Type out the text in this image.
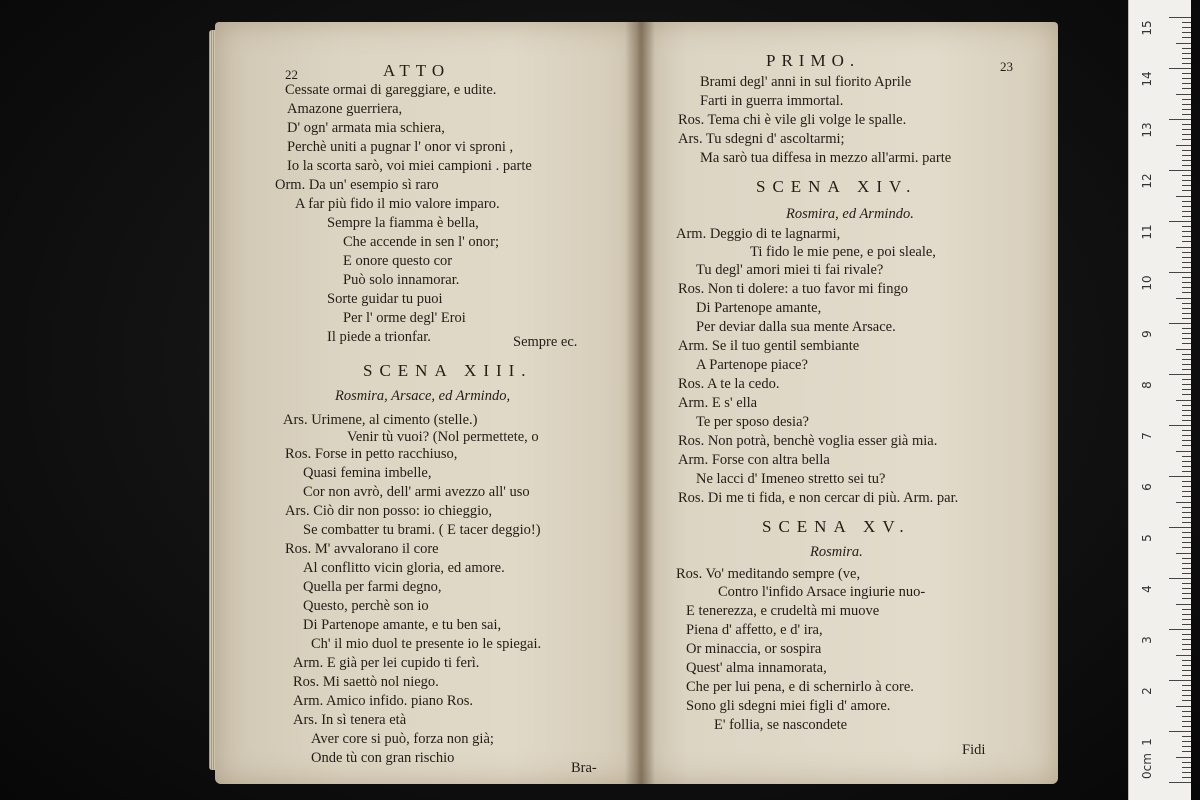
22	ATTO
Cessate ormai di gareggiare, e udite.
Amazone guerriera,
D' ogn' armata mia schiera,
Perchè uniti a pugnar l' onor vi sproni ,
Io la scorta sarò, voi miei campioni . parte
Orm. Da un' esempio sì raro
A far più fido il mio valore imparo.
Sempre la fiamma è bella,
Che accende in sen l' onor;
E onore questo cor
Può solo innamorar.
Sorte guidar tu puoi
Per l' orme degl' Eroi
Il piede a trionfar.	Sempre ec.
SCENA XIII.
Rosmira, Arsace, ed Armindo,
Ars. Urimene, al cimento (stelle.)
Venir tù vuoi? (Nol permettete, o
Ros. Forse in petto racchiuso,
Quasi femina imbelle,
Cor non avrò, dell' armi avezzo all' uso
Ars. Ciò dir non posso: io chieggio,
Se combatter tu brami. ( E tacer deggio!)
Ros. M' avvalorano il core
Al conflitto vicin gloria, ed amore.
Quella per farmi degno,
Questo, perchè son io
Di Partenope amante, e tu ben sai,
Ch' il mio duol te presente io le spiegai.
Arm. E già per lei cupido ti ferì.
Ros. Mi saettò nol niego.
Arm. Amico infido. piano Ros.
Ars. In sì tenera età
Aver core si può, forza non già;
Onde tù con gran rischio
Bra-
PRIMO.	23
Brami degl' anni in sul fiorito Aprile
Farti in guerra immortal.
Ros. Tema chi è vile gli volge le spalle.
Ars. Tu sdegni d' ascoltarmi;
Ma sarò tua diffesa in mezzo all'armi. parte
SCENA XIV.
Rosmira, ed Armindo.
Arm. Deggio di te lagnarmi,
Ti fido le mie pene, e poi sleale,
Tu degl' amori miei ti fai rivale?
Ros. Non ti dolere: a tuo favor mi fingo
Di Partenope amante,
Per deviar dalla sua mente Arsace.
Arm. Se il tuo gentil sembiante
A Partenope piace?
Ros. A te la cedo.
Arm. E s' ella
Te per sposo desia?
Ros. Non potrà, benchè voglia esser già mia.
Arm. Forse con altra bella
Ne lacci d' Imeneo stretto sei tu?
Ros. Di me ti fida, e non cercar di più. Arm. par.
SCENA XV.
Rosmira.
Ros. Vo' meditando sempre (ve,
Contro l'infido Arsace ingiurie nuo-
E tenerezza, e crudeltà mi muove
Piena d' affetto, e d' ira,
Or minaccia, or sospira
Quest' alma innamorata,
Che per lui pena, e di schernirlo à core.
Sono gli sdegni miei figli d' amore.
E' follia, se nascondete
Fidi
0cm
1
2
3
4
5
6
7
8
9
10
11
12
13
14
15
